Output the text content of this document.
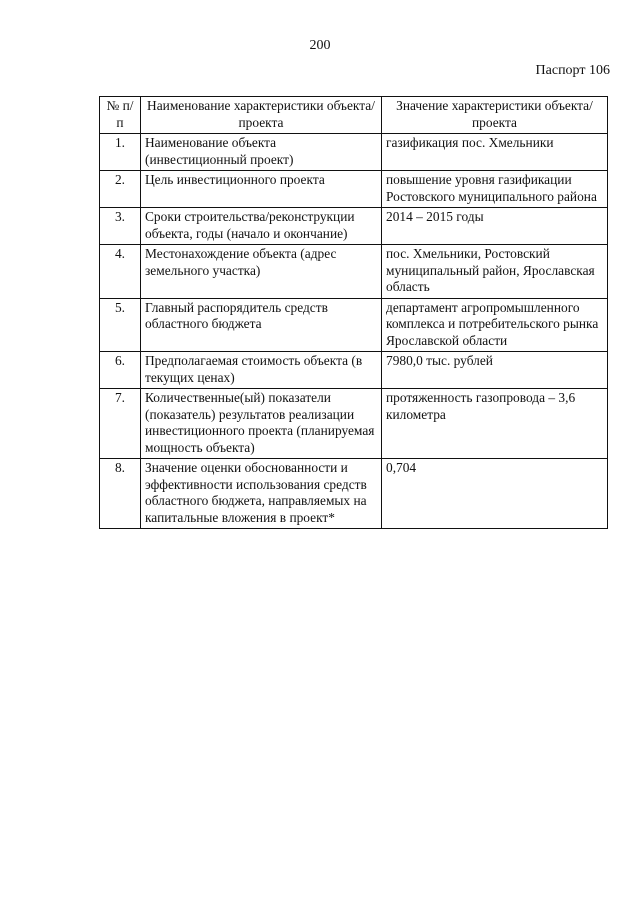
200
Паспорт 106
№ п/п	Наименование характеристики объекта/проекта	Значение характеристики объекта/проекта
1.	Наименование объекта (инвестиционный проект)	газификация пос. Хмельники
2.	Цель инвестиционного проекта	повышение уровня газификации Ростовского муниципального района
3.	Сроки строительства/реконструкции объекта, годы (начало и окончание)	2014 – 2015 годы
4.	Местонахождение объекта (адрес земельного участка)	пос. Хмельники, Ростовский муниципальный район, Ярославская область
5.	Главный распорядитель средств областного бюджета	департамент агропромышленного комплекса и потребительского рынка Ярославской области
6.	Предполагаемая стоимость объекта (в текущих ценах)	7980,0 тыс. рублей
7.	Количественные(ый) показатели (показатель) результатов реализации инвестиционного проекта (планируемая мощность объекта)	протяженность газопровода – 3,6 километра
8.	Значение оценки обоснованности и эффективности использования средств областного бюджета, направляемых на капитальные вложения в проект*	0,704
